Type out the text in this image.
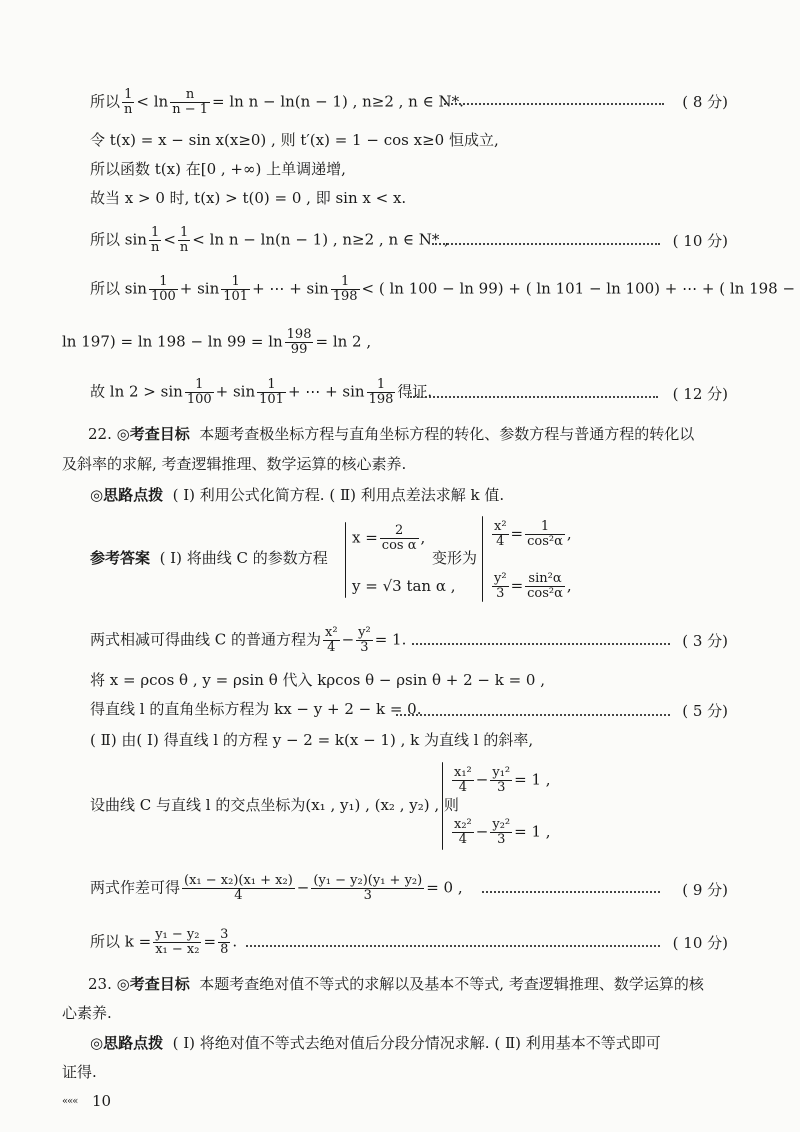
所以 $\frac{1}{n} < \ln \frac{n}{n - 1} = \ln n - \ln(n - 1)$ , n≥2 , n ∈ N*.	( 8 分)
令 t(x) = x − sin x(x≥0) , 则 t′(x) = 1 − cos x≥0 恒成立,
所以函数 t(x) 在[0 , +∞) 上单调递增,
故当 x > 0 时, t(x) > t(0) = 0 , 即 sin x < x.
所以 $\sin \frac{1}{n} < \frac{1}{n} < \ln n - \ln(n - 1)$ , n≥2 , n ∈ N* ,	( 10 分)
所以 $\sin \frac{1}{100} + \sin \frac{1}{101}$ + ⋯ + $\sin \frac{1}{198}$ < ( ln 100 − ln 99) + ( ln 101 − ln 100) + ⋯ + ( ln 198 −
$\ln 197) = \ln 198 - \ln 99 = \ln \frac{198}{99} = \ln 2$ ,
故 $\ln 2 > \sin \frac{1}{100} + \sin \frac{1}{101}$ + ⋯ + $\sin \frac{1}{198}$ 得证.	( 12 分)
22. ◎考查目标 本题考查极坐标方程与直角坐标方程的转化、参数方程与普通方程的转化以
及斜率的求解, 考查逻辑推理、数学运算的核心素养.
◎思路点拨 ( Ⅰ) 利用公式化简方程. ( Ⅱ) 利用点差法求解 k 值.
参考答案 ( Ⅰ) 将曲线 C 的参数方程
$x = \frac{2}{\text{cos α}}$ ,
y = √3 tan α ,
变形为
$\frac{\text{x²}}{4} = \frac{1}{\text{cos²α}}$ ,
$\frac{\text{y²}}{3} = \frac{\text{sin²α}}{\text{cos²α}}$ ,
两式相减可得曲线 C 的普通方程为 $\frac{\text{x²}}{4} - \frac{\text{y²}}{3} = 1$.	( 3 分)
将 x = ρcos θ , y = ρsin θ 代入 kρcos θ − ρsin θ + 2 − k = 0 ,
得直线 l 的直角坐标方程为 kx − y + 2 − k = 0.	( 5 分)
( Ⅱ) 由( Ⅰ) 得直线 l 的方程 y − 2 = k(x − 1) , k 为直线 l 的斜率,
设曲线 C 与直线 l 的交点坐标为(x₁ , y₁) , (x₂ , y₂) , 则
$\frac{\text{x₁²}}{4} - \frac{\text{y₁²}}{3} = 1$ ,
$\frac{\text{x₂²}}{4} - \frac{\text{y₂²}}{3} = 1$ ,
两式作差可得 $\frac{\text{(x₁ − x₂)(x₁ + x₂)}}{4} - \frac{\text{(y₁ − y₂)(y₁ + y₂)}}{3} = 0$ ,	( 9 分)
所以 $k = \frac{\text{y₁ − y₂}}{\text{x₁ − x₂}} = \frac{3}{8}$ .	( 10 分)
23. ◎考查目标 本题考查绝对值不等式的求解以及基本不等式, 考查逻辑推理、数学运算的核
心素养.
◎思路点拨 ( Ⅰ) 将绝对值不等式去绝对值后分段分情况求解. ( Ⅱ) 利用基本不等式即可
证得.
««« 10
